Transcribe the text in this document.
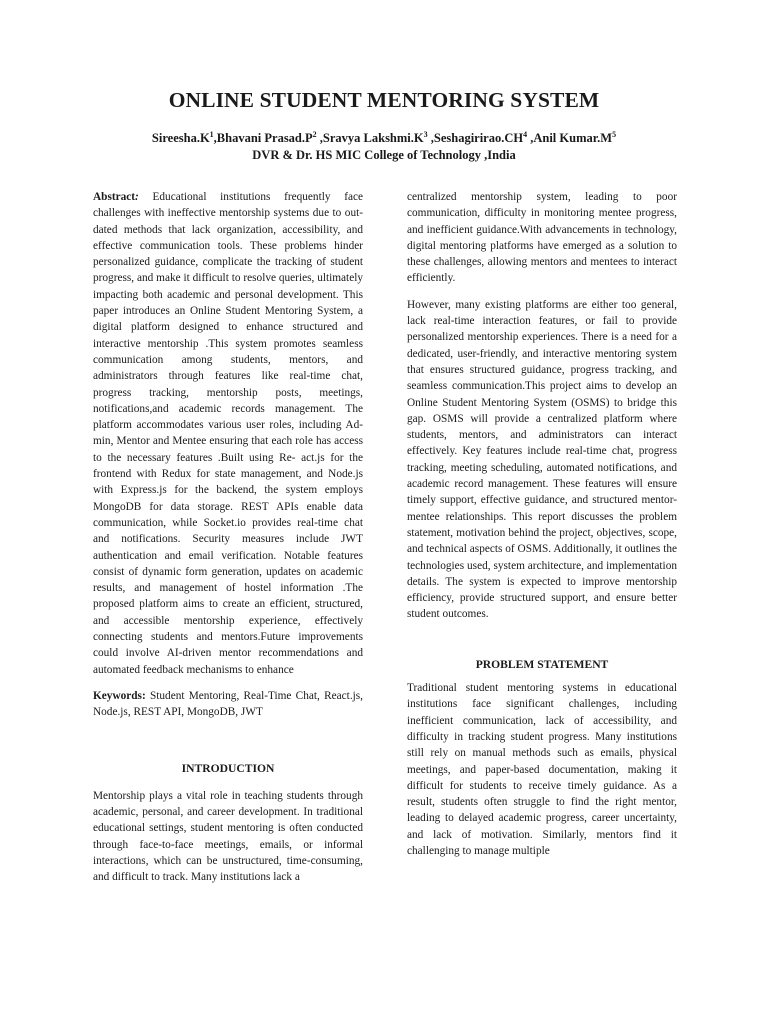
ONLINE STUDENT MENTORING SYSTEM
$Sireesha.K^1,Bhavani$ $Prasad.P^2$ ,Sravya $Lakshmi.K^3$ $,Seshagirirao.CH^4$ ,Anil $Kumar.M^5$
DVR & Dr. HS MIC College of Technology ,India

Abstract: Educational institutions frequently face challenges with ineffective mentorship systems due to out- dated methods that lack organization, accessibility, and effective communication tools. These problems hinder personalized guidance, complicate the tracking of student progress, and make it difficult to resolve queries, ultimately impacting both academic and personal development. This paper introduces an Online Student Mentoring System, a digital platform designed to enhance structured and interactive mentorship .This system promotes seamless communication among students, mentors, and administrators through features like real-time chat, progress tracking, mentorship posts, meetings, notifications,and academic records management. The platform accommodates various user roles, including Ad- min, Mentor and Mentee ensuring that each role has access to the necessary features .Built using Re- act.js for the frontend with Redux for state management, and Node.js with Express.js for the backend, the system employs MongoDB for data storage. REST APIs enable data communication, while Socket.io provides real-time chat and notifications. Security measures include JWT authentication and email verification. Notable features consist of dynamic form generation, updates on academic results, and management of hostel information .The proposed platform aims to create an efficient, structured, and accessible mentorship experience, effectively connecting students and mentors.Future improvements could involve AI-driven mentor recommendations and automated feedback mechanisms to enhance

Keywords: Student Mentoring, Real-Time Chat, React.js, Node.js, REST API, MongoDB, JWT

INTRODUCTION

Mentorship plays a vital role in teaching students through academic, personal, and career development. In traditional educational settings, student mentoring is often conducted through face-to-face meetings, emails, or informal interactions, which can be unstructured, time-consuming, and difficult to track. Many institutions lack a

centralized mentorship system, leading to poor communication, difficulty in monitoring mentee progress, and inefficient guidance.With advancements in technology, digital mentoring platforms have emerged as a solution to these challenges, allowing mentors and mentees to interact efficiently.

However, many existing platforms are either too general, lack real-time interaction features, or fail to provide personalized mentorship experiences. There is a need for a dedicated, user-friendly, and interactive mentoring system that ensures structured guidance, progress tracking, and seamless communication.This project aims to develop an Online Student Mentoring System (OSMS) to bridge this gap. OSMS will provide a centralized platform where students, mentors, and administrators can interact effectively. Key features include real-time chat, progress tracking, meeting scheduling, automated notifications, and academic record management. These features will ensure timely support, effective guidance, and structured mentor-mentee relationships. This report discusses the problem statement, motivation behind the project, objectives, scope, and technical aspects of OSMS. Additionally, it outlines the technologies used, system architecture, and implementation details. The system is expected to improve mentorship efficiency, provide structured support, and ensure better student outcomes.

PROBLEM STATEMENT

Traditional student mentoring systems in educational institutions face significant challenges, including inefficient communication, lack of accessibility, and difficulty in tracking student progress. Many institutions still rely on manual methods such as emails, physical meetings, and paper-based documentation, making it difficult for students to receive timely guidance. As a result, students often struggle to find the right mentor, leading to delayed academic progress, career uncertainty, and lack of motivation. Similarly, mentors find it challenging to manage multiple
